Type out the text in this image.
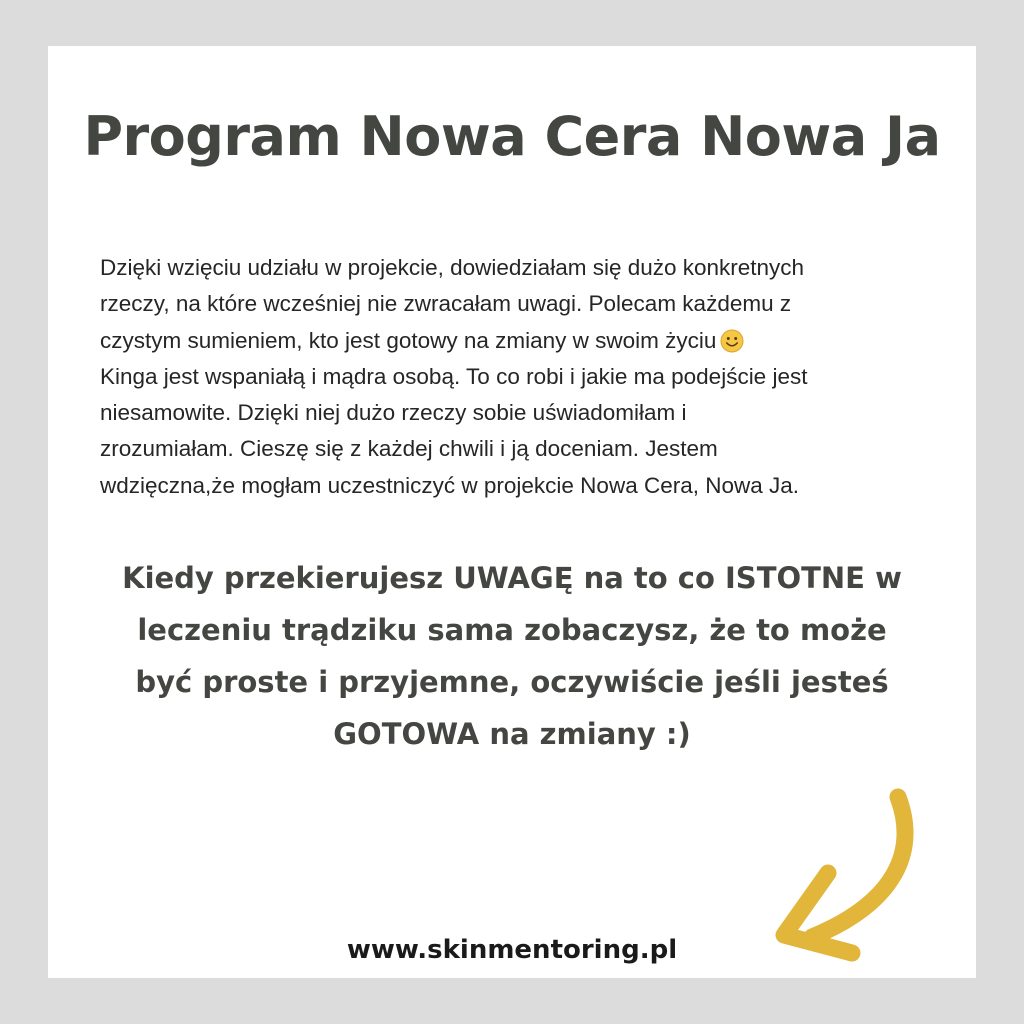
Program Nowa Cera Nowa Ja
Dzięki wzięciu udziału w projekcie, dowiedziałam się dużo konkretnych
rzeczy, na które wcześniej nie zwracałam uwagi. Polecam każdemu z
czystym sumieniem, kto jest gotowy na zmiany w swoim życiu
Kinga jest wspaniałą i mądra osobą. To co robi i jakie ma podejście jest
niesamowite. Dzięki niej dużo rzeczy sobie uświadomiłam i
zrozumiałam. Cieszę się z każdej chwili i ją doceniam. Jestem
wdzięczna,że mogłam uczestniczyć w projekcie Nowa Cera, Nowa Ja.
Kiedy przekierujesz UWAGĘ na to co ISTOTNE w
leczeniu trądziku sama zobaczysz, że to może
być proste i przyjemne, oczywiście jeśli jesteś
GOTOWA na zmiany :)

www.skinmentoring.pl
